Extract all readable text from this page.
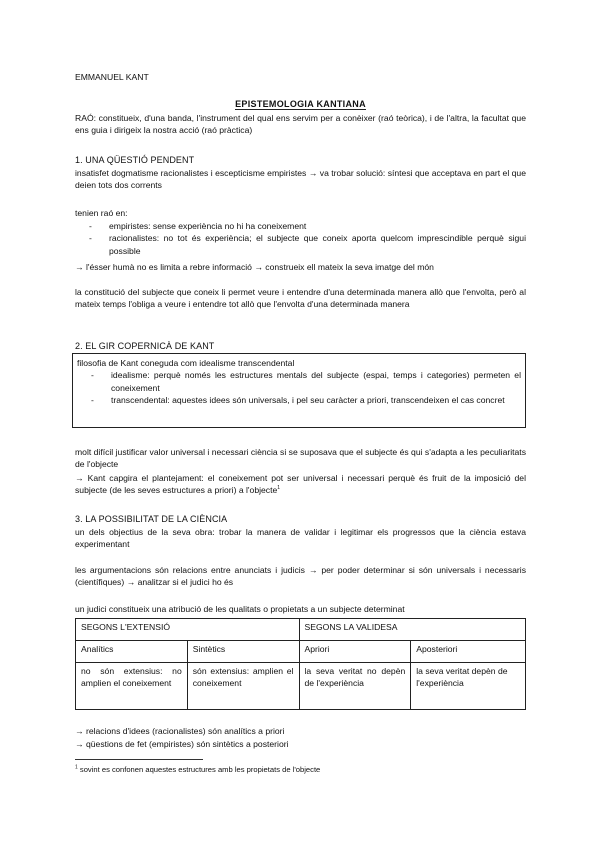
EMMANUEL KANT
EPISTEMOLOGIA KANTIANA

RAÓ: constitueix, d'una banda, l'instrument del qual ens servim per a conèixer (raó teòrica), i de l'altra, la facultat que ens guia i dirigeix la nostra acció (raó pràctica)

1. UNA QÜESTIÓ PENDENT

insatisfet dogmatisme racionalistes i escepticisme empiristes → va trobar solució: síntesi que acceptava en part el que deien tots dos corrents

tenien raó en:
- empiristes: sense experiència no hi ha coneixement
- racionalistes: no tot és experiència; el subjecte que coneix aporta quelcom imprescindible perquè sigui possible

→ l'ésser humà no es limita a rebre informació → construeix ell mateix la seva imatge del món

la constitució del subjecte que coneix li permet veure i entendre d'una determinada manera allò que l'envolta, però al mateix temps l'obliga a veure i entendre tot allò que l'envolta d'una determinada manera

2. EL GIR COPERNICÀ DE KANT
filosofia de Kant coneguda com idealisme transcendental
- idealisme: perquè només les estructures mentals del subjecte (espai, temps i categories) permeten el coneixement
- transcendental: aquestes idees són universals, i pel seu caràcter a priori, transcendeixen el cas concret

molt difícil justificar valor universal i necessari ciència si se suposava que el subjecte és qui s'adapta a les peculiaritats de l'objecte

→ Kant capgira el plantejament: el coneixement pot ser universal i necessari perquè és fruit de la imposició del subjecte (de les seves estructures a priori) a l'objecte$^1$

3. LA POSSIBILITAT DE LA CIÈNCIA

un dels objectius de la seva obra: trobar la manera de validar i legitimar els progressos que la ciència estava experimentant

les argumentacions són relacions entre anunciats i judicis → per poder determinar si són universals i necessaris (científiques) → analitzar si el judici ho és

un judici constitueix una atribució de les qualitats o propietats a un subjecte determinat
SEGONS L'EXTENSIÓ		SEGONS LA VALIDESA	
Analítics	Sintètics	Apriori	Aposteriori
no són extensius: no amplien el coneixement	són extensius: amplien el coneixement	la seva veritat no depèn de l'experiència	la seva veritat depèn de l'experiència
→ relacions d'idees (racionalistes) són analítics a priori
→ qüestions de fet (empiristes) són sintètics a posteriori
$^1$ sovint es confonen aquestes estructures amb les propietats de l'objecte
